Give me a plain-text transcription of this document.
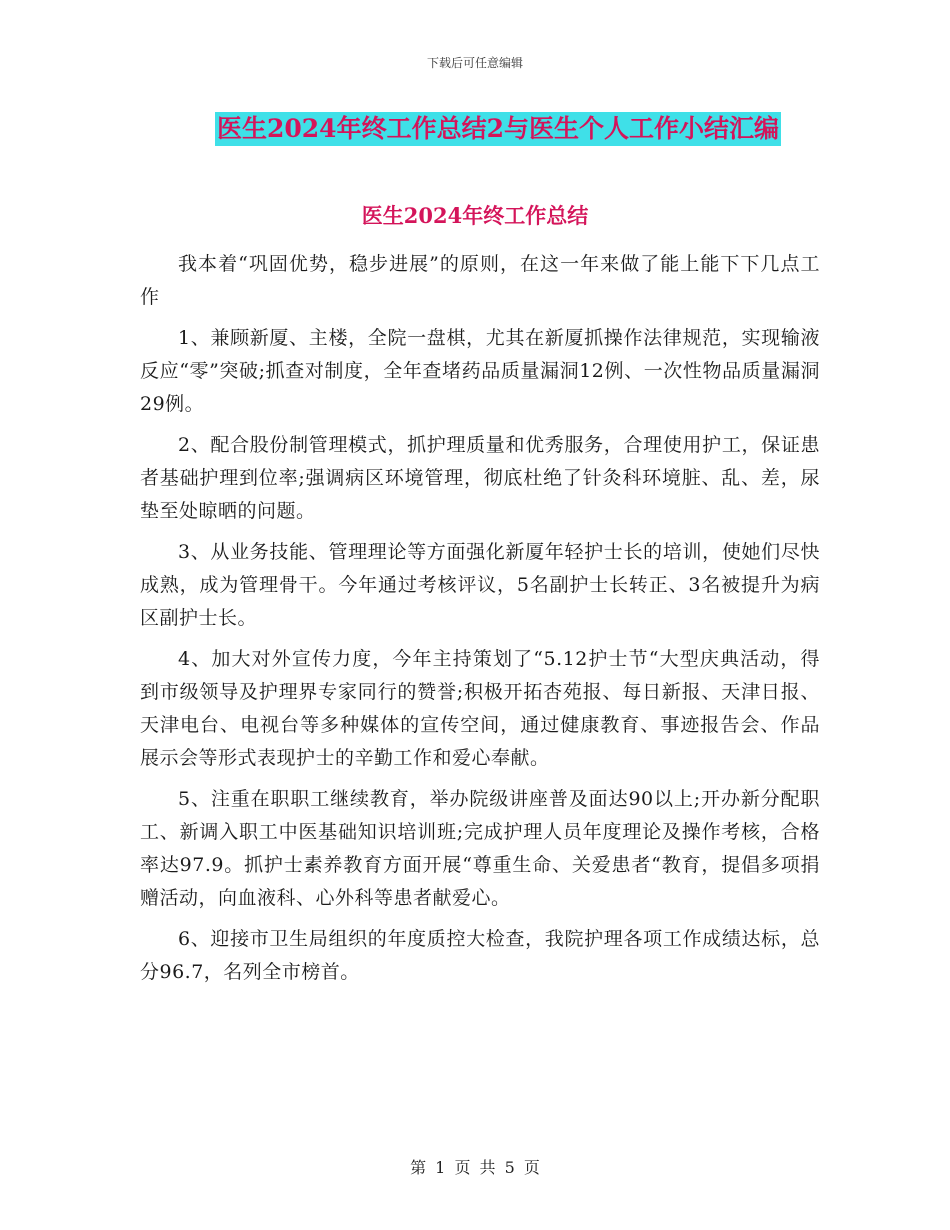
下载后可任意编辑
医生2024年终工作总结2与医生个人工作小结汇编
医生2024年终工作总结

我本着“巩固优势，稳步进展”的原则，在这一年来做了能上能下下几点工作

1、兼顾新厦、主楼，全院一盘棋，尤其在新厦抓操作法律规范，实现输液反应“零”突破;抓查对制度，全年查堵药品质量漏洞12例、一次性物品质量漏洞29例。

2、配合股份制管理模式，抓护理质量和优秀服务，合理使用护工，保证患者基础护理到位率;强调病区环境管理，彻底杜绝了针灸科环境脏、乱、差，尿垫至处晾晒的问题。

3、从业务技能、管理理论等方面强化新厦年轻护士长的培训，使她们尽快成熟，成为管理骨干。今年通过考核评议，5名副护士长转正、3名被提升为病区副护士长。

4、加大对外宣传力度，今年主持策划了“5.12护士节“大型庆典活动，得到市级领导及护理界专家同行的赞誉;积极开拓杏苑报、每日新报、天津日报、天津电台、电视台等多种媒体的宣传空间，通过健康教育、事迹报告会、作品展示会等形式表现护士的辛勤工作和爱心奉献。

5、注重在职职工继续教育，举办院级讲座普及面达90以上;开办新分配职工、新调入职工中医基础知识培训班;完成护理人员年度理论及操作考核，合格率达97.9。抓护士素养教育方面开展“尊重生命、关爱患者“教育，提倡多项捐赠活动，向血液科、心外科等患者献爱心。

6、迎接市卫生局组织的年度质控大检查，我院护理各项工作成绩达标，总分96.7，名列全市榜首。

第 1 页 共 5 页
